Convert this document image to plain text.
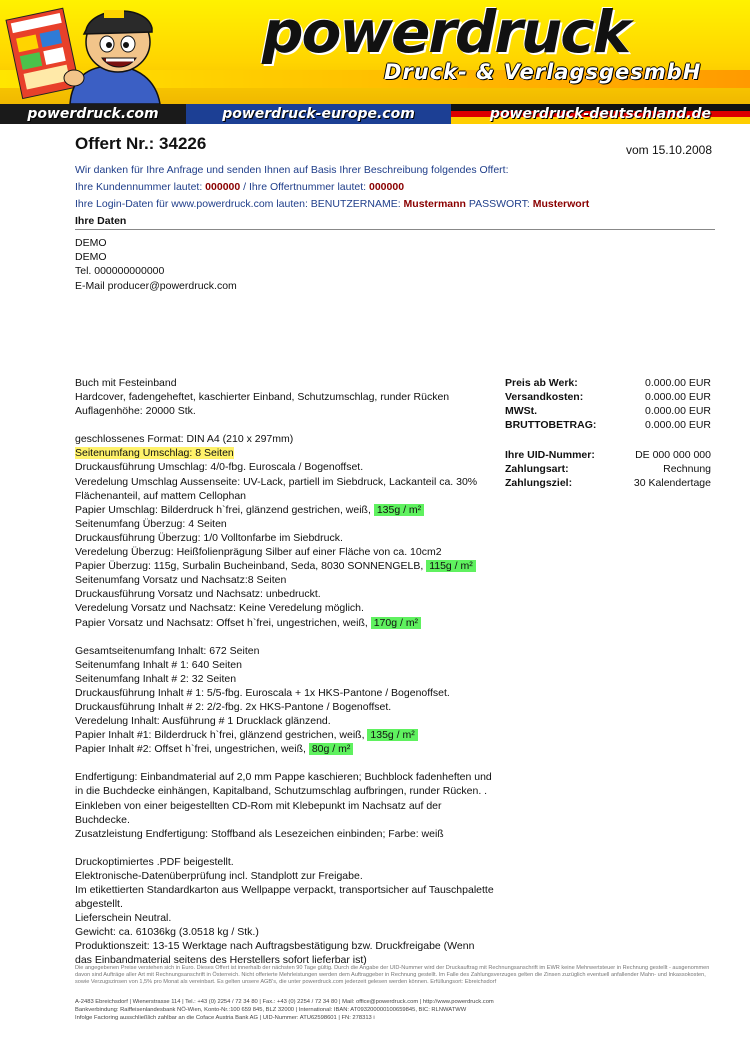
powerdruck
Druck- & VerlagsgesmbH
powerdruck.com	powerdruck-europe.com	powerdruck-deutschland.de
Offert Nr.: 34226	vom 15.10.2008
Wir danken für Ihre Anfrage und senden Ihnen auf Basis Ihrer Beschreibung folgendes Offert:
Ihre Kundennummer lautet: 000000 / Ihre Offertnummer lautet: 000000
Ihre Login-Daten für www.powerdruck.com lauten: BENUTZERNAME: Mustermann PASSWORT: Musterwort
Ihre Daten
DEMO
DEMO
Tel. 000000000000
E-Mail producer@powerdruck.com
Buch mit Festeinband
Hardcover, fadengeheftet, kaschierter Einband, Schutzumschlag, runder Rücken
Auflagenhöhe: 20000 Stk.
geschlossenes Format: DIN A4 (210 x 297mm)
Seitenumfang Umschlag: 8 Seiten
Druckausführung Umschlag: 4/0-fbg. Euroscala / Bogenoffset.
Veredelung Umschlag Aussenseite: UV-Lack, partiell im Siebdruck, Lackanteil ca. 30%
Flächenanteil, auf mattem Cellophan
Papier Umschlag: Bilderdruck h`frei, glänzend gestrichen, weiß, 135g / m²
Seitenumfang Überzug: 4 Seiten
Druckausführung Überzug: 1/0 Volltonfarbe im Siebdruck.
Veredelung Überzug: Heißfolienprägung Silber auf einer Fläche von ca. 10cm2
Papier Überzug: 115g, Surbalin Bucheinband, Seda, 8030 SONNENGELB, 115g / m²
Seitenumfang Vorsatz und Nachsatz:8 Seiten
Druckausführung Vorsatz und Nachsatz: unbedruckt.
Veredelung Vorsatz und Nachsatz: Keine Veredelung möglich.
Papier Vorsatz und Nachsatz: Offset h`frei, ungestrichen, weiß, 170g / m²
Gesamtseitenumfang Inhalt: 672 Seiten
Seitenumfang Inhalt # 1: 640 Seiten
Seitenumfang Inhalt # 2: 32 Seiten
Druckausführung Inhalt # 1: 5/5-fbg. Euroscala + 1x HKS-Pantone / Bogenoffset.
Druckausführung Inhalt # 2: 2/2-fbg. 2x HKS-Pantone / Bogenoffset.
Veredelung Inhalt: Ausführung # 1 Drucklack glänzend.
Papier Inhalt #1: Bilderdruck h`frei, glänzend gestrichen, weiß, 135g / m²
Papier Inhalt #2: Offset h`frei, ungestrichen, weiß, 80g / m²
Endfertigung: Einbandmaterial auf 2,0 mm Pappe kaschieren; Buchblock fadenheften und
in die Buchdecke einhängen, Kapitalband, Schutzumschlag aufbringen, runder Rücken. .
Einkleben von einer beigestellten CD-Rom mit Klebepunkt im Nachsatz auf der
Buchdecke.
Zusatzleistung Endfertigung: Stoffband als Lesezeichen einbinden; Farbe: weiß
Druckoptimiertes .PDF beigestellt.
Elektronische-Datenüberprüfung incl. Standplott zur Freigabe.
Im etikettierten Standardkarton aus Wellpappe verpackt, transportsicher auf Tauschpalette
abgestellt.
Lieferschein Neutral.
Gewicht: ca. 61036kg (3.0518 kg / Stk.)
Produktionszeit: 13-15 Werktage nach Auftragsbestätigung bzw. Druckfreigabe (Wenn
das Einbandmaterial seitens des Herstellers sofort lieferbar ist)
Preis ab Werk:	0.000.00 EUR
Versandkosten:	0.000.00 EUR
MWSt.	0.000.00 EUR
BRUTTOBETRAG:	0.000.00 EUR
Ihre UID-Nummer:	DE 000 000 000
Zahlungsart:	Rechnung
Zahlungsziel:	30 Kalendertage
Die angegebenen Preise verstehen sich in Euro. Dieses Offert ist innerhalb der nächsten 90 Tage gültig. Durch die Angabe der UID-Nummer wird der Druckauftrag mit Rechnungsanschrift im EWR keine Mehrwertsteuer in Rechnung gestellt - ausgenommen davon sind Aufträge aller Art mit Rechnungsanschrift in Österreich. Nicht offerierte Mehrleistungen werden dem Auftraggeber in Rechnung gestellt. Im Falle des Zahlungsverzuges gelten die Zinsen zuzüglich eventuell anfallender Mahn- und Inkassokosten, sowie Verzugszinsen von 1,5% pro Monat als vereinbart. Es gelten unsere AGB's, die unter powerdruck.com jederzeit gelesen werden können. Erfüllungsort: Ebreichsdorf
A-2483 Ebreichsdorf | Wienerstrasse 114 | Tel.: +43 (0) 2254 / 72 34 80 | Fax.: +43 (0) 2254 / 72 34 80 | Mail: office@powerdruck.com | http://www.powerdruck.com
Bankverbindung: Raiffeisenlandesbank NÖ-Wien, Konto-Nr.:100 659 845, BLZ 32000 | International: IBAN: AT093200000100659845, BIC: RLNWATWW
Infolge Factoring ausschließlich zahlbar an die Coface Austria Bank AG | UID-Nummer: ATU62598601 | FN: 278313 i
